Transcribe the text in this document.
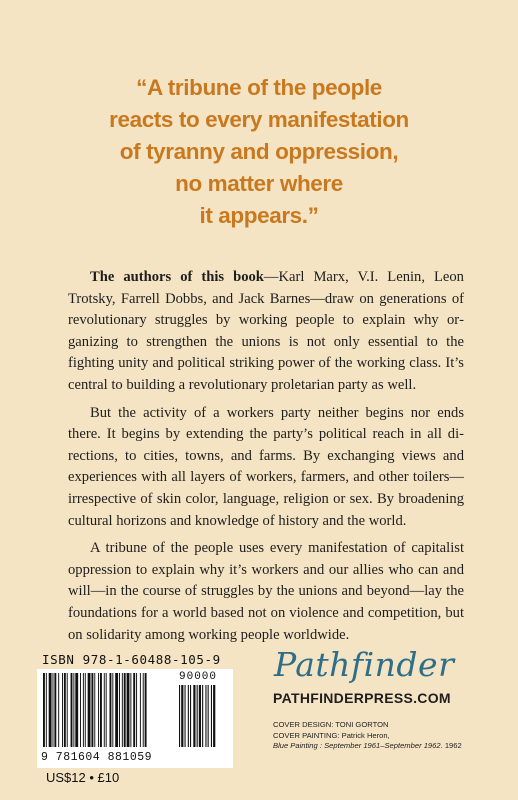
“A tribune of the people
reacts to every manifestation
of tyranny and oppression,
no matter where
it appears.”

The authors of this book—Karl Marx, V.I. Lenin, Leon Trotsky, Farrell Dobbs, and Jack Barnes—draw on generations of revolutionary struggles by working people to explain why organizing to strengthen the unions is not only essential to the fighting unity and political striking power of the working class. It’s central to building a revolutionary proletarian party as well.

But the activity of a workers party neither begins nor ends there. It begins by extending the party’s political reach in all directions, to cities, towns, and farms. By exchanging views and experiences with all layers of workers, farmers, and other toilers—irrespective of skin color, language, religion or sex. By broadening cultural horizons and knowledge of history and the world.

A tribune of the people uses every manifestation of capitalist oppression to explain why it’s workers and our allies who can and will—in the course of struggles by the unions and beyond—lay the foundations for a world based not on violence and competition, but on solidarity among working people worldwide.

ISBN 978-1-60488-105-9
90000
9 781604 881059
US$12 • £10
Pathfinder
PATHFINDERPRESS.COM
COVER DESIGN: TONI GORTON
COVER PAINTING: Patrick Heron,
Blue Painting : September 1961–September 1962. 1962
